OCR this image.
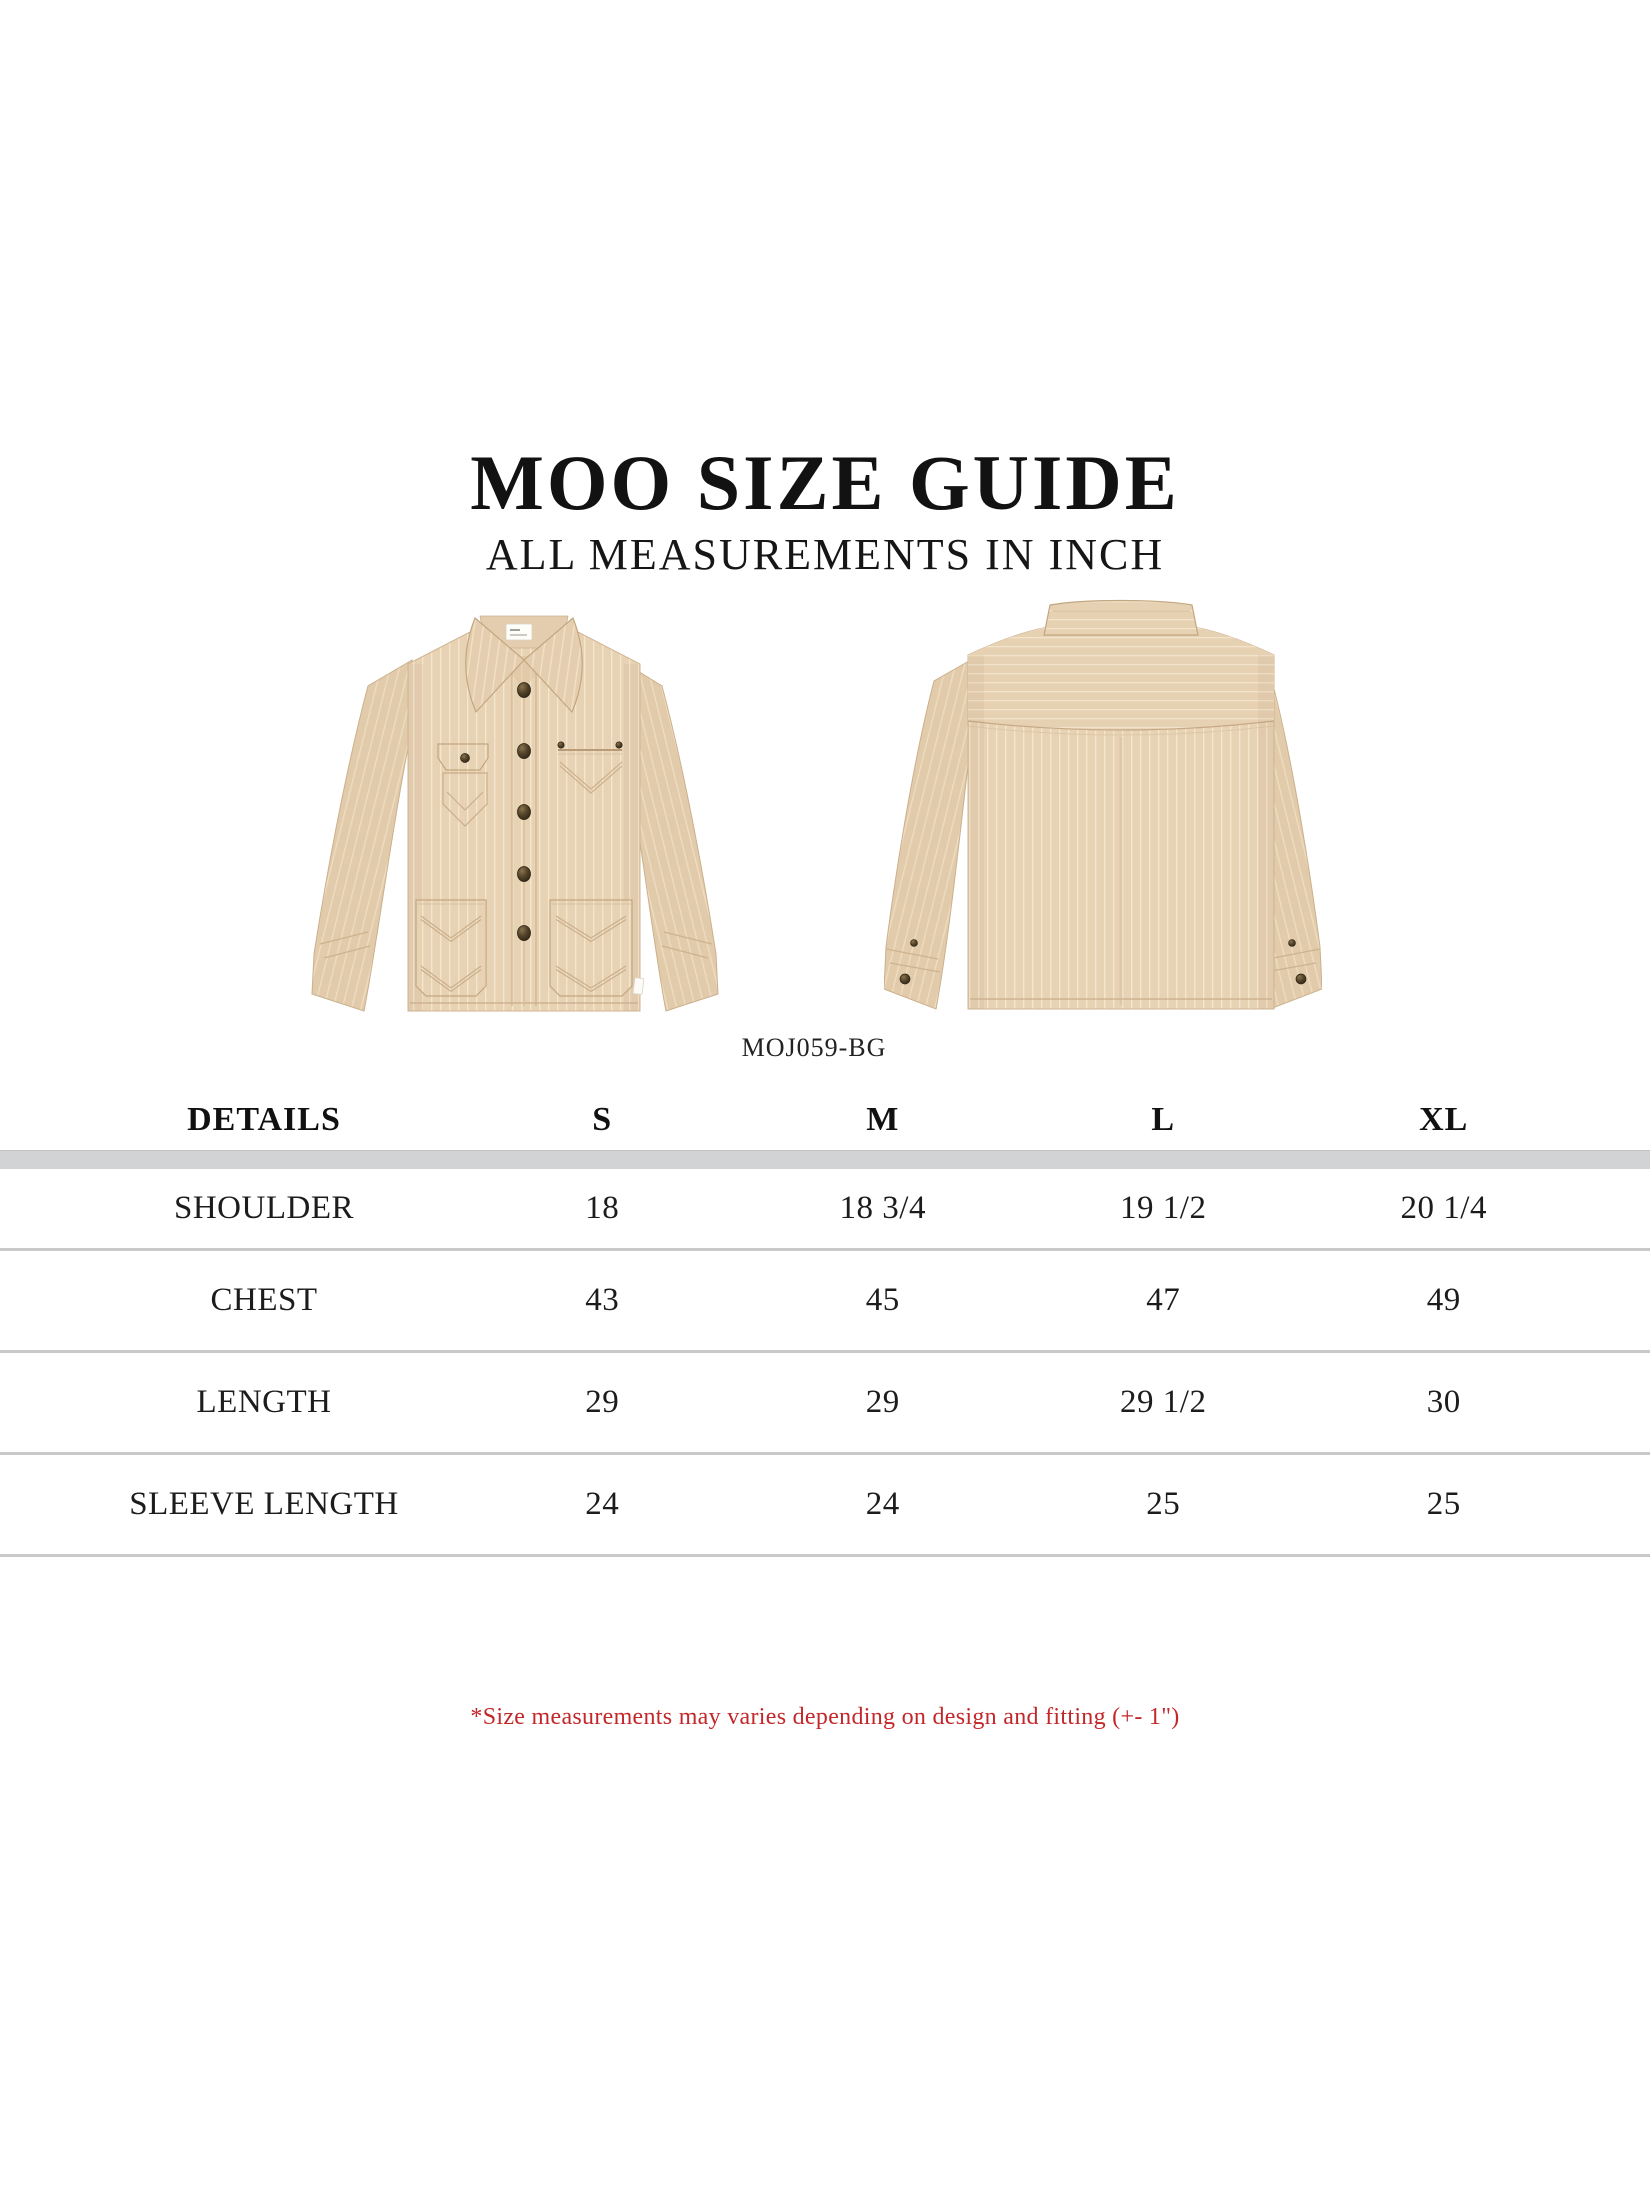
MOO SIZE GUIDE
ALL MEASUREMENTS IN INCH
MOJ059-BG
DETAILS	S	M	L	XL
SHOULDER	18	18 3/4	19 1/2	20 1/4
CHEST	43	45	47	49
LENGTH	29	29	29 1/2	30
SLEEVE LENGTH	24	24	25	25
*Size measurements may varies depending on design and fitting (+- 1")
